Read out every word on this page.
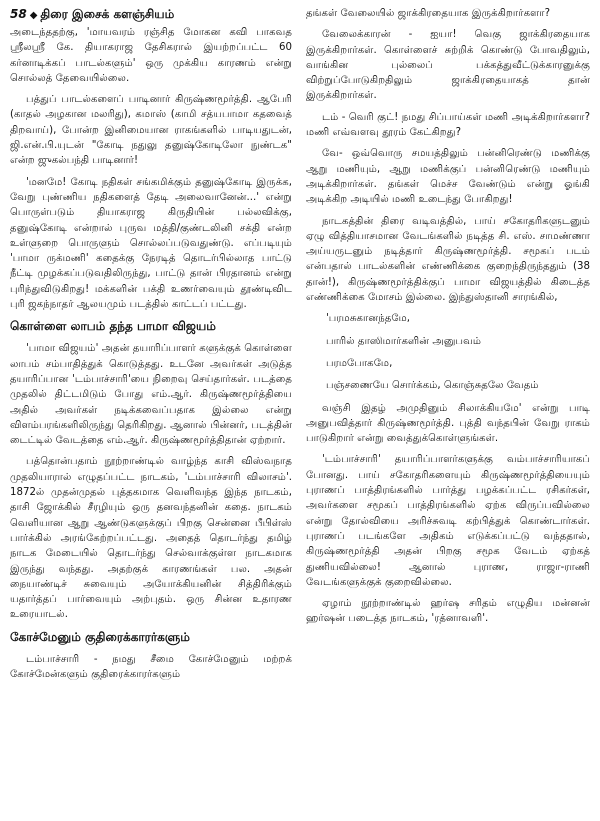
58 ◆ திரை இசைக் களஞ்சியம்

அடைந்ததற்கு, 'மாயவரம் ரஞ்சித மோகன கவி பாகவத ஸ்ரீலஸ்ரீ கே. தியாகராஜ தேசிகரால் இயற்றப்பட்ட 60 கர்னாடிக்கப் பாடல்களும்' ஒரு முக்கிய காரணம் என்று சொல்லத் தேவையில்லை.

பத்துப் பாடல்களைப் பாடினார் கிருஷ்ணமூர்த்தி. ஆபேரி (காதல் அழகான மலரிது), கமாஸ் (காமி சத்யபாமா கதவைத் திறவாய்), போன்ற இனிமையான ராகங்களில் பாடியதுடன், ஜி.என்.பி.யுடன் "கோடி நதுலு தனுஷ்கோடிலோ நுண்டக" என்ற ஜுகல்பந்தி பாடினார்!

'மனமே! கோடி நதிகள் சங்கமிக்கும் தனுஷ்கோடி இருக்க, வேறு புண்ணிய நதிகளைத் தேடி அலைவானேன்...' என்று பொருள்படும் தியாகராஜ கிருதியின் பல்லவிக்கு, தனுஷ்கோடி என்றால் புருவ மத்தி/குண்டலினி சக்தி என்ற உள்ளுறை பொருளும் சொல்லப்படுவதுண்டு. எப்படியும் 'பாமா ருக்மணி' கதைக்கு நேரடித் தொடர்பில்லாத பாட்டு நீட்டி முழக்கப்படுவதிலிருந்து, பாட்டு தான் பிரதானம் என்று புரிந்துவிடுகிறது! மக்களின் பக்தி உணர்வையும் தூண்டிவிட புரி ஜகந்நாதர் ஆலயமும் படத்தில் காட்டப் பட்டது.

கொள்ளை லாபம் தந்த பாமா விஜயம்

'பாமா விஜயம்' அதன் தயாரிப்பாளர் களுக்குக் கொள்ளை லாபம் சம்பாதித்துக் கொடுத்தது. உடனே அவர்கள் அடுத்த தயாரிப்பான 'டம்பாச்சாரி'யை நிறைவு செய்தார்கள். படத்தை முதலில் திட்டமிடும் போது எம்.ஆர். கிருஷ்ணமூர்த்தியை அதில் அவர்கள் நடிக்கவைப்பதாக இல்லை என்று விளம்பரங்களிலிருந்து தெரிகிறது. ஆனால் பின்னர், படத்தின் டைட்டில் வேடத்தை எம்.ஆர். கிருஷ்ணமூர்த்திதான் ஏற்றார்.

பத்தொன்பதாம் நூற்றாண்டில் வாழ்ந்த காசி விஸ்வநாத முதலியாரால் எழுதப்பட்ட நாடகம், 'டம்பாச்சாரி விலாசம்'. 1872ல் முதன்முதல் புத்தகமாக வெளிவந்த இந்த நாடகம், தாசி ஜோக்கில் சீரழியும் ஒரு தனவந்தனின் கதை. நாடகம் வெளியான ஆறு ஆண்டுகளுக்குப் பிறகு சென்னை பீபிள்ஸ் பார்க்கில் அரங்கேற்றப்பட்டது. அதைத் தொடர்ந்து தமிழ் நாடக மேடையில் தொடர்ந்து செல்வாக்குள்ள நாடகமாக இருந்து வந்தது. அதற்குக் காரணங்கள் பல. அதன் நையாண்டிச் சுவையும் அயோக்கியனின் சித்திரிக்கும் யதார்த்தப் பார்வையும் அற்புதம். ஒரு சின்ன உதாரண உரையாடல்.

கோச்மேனும் குதிரைக்காரர்களும்

டம்பாச்சாரி - நமது சீமை கோச்மேனும் மற்றக் கோச்மேன்களும் குதிரைக்காரர்களும்

தங்கள் வேலையில் ஜாக்கிரதையாக இருக்கிறார்களா?

வேலைக்காரன் - ஐயா! வெகு ஜாக்கிரதையாக இருக்கிறார்கள். கொள்ளைச் சுற்றிக் கொண்டு போவதிலும், வாங்கின புல்லைப் பக்கத்துவீட்டுக்காரனுக்கு விற்றுப்போடுகிறதிலும் ஜாக்கிரதையாகத் தான் இருக்கிறார்கள்.

டம் - வெரி குட்! நமது சிப்பாய்கள் மணி அடிக்கிறார்களா? மணி எவ்வளவு தூரம் கேட்கிறது?

வே- ஒவ்வொரு சமயத்திலும் பன்னிரெண்டு மணிக்கு ஆறு மணியும், ஆறு மணிக்குப் பன்னிரெண்டு மணியும் அடிக்கிறார்கள். தங்கள் மெச்ச வேண்டும் என்று ஓங்கி அடிக்கிற அடியில் மணி உடைந்து போகிறது!

நாடகத்தின் திரை வடிவத்தில், பாய் சகோதரிகளுடனும் ஏழு வித்தியாசமான வேடங்களில் நடித்த சி. எஸ். சாமண்ணா அய்யருடனும் நடித்தார் கிருஷ்ணமூர்த்தி. சமூகப் படம் என்பதால் பாடல்களின் எண்ணிக்கை குறைந்திருந்ததும் (38 தான்!), கிருஷ்ணமூர்த்திக்குப் பாமா விஜயத்தில் கிடைத்த எண்ணிக்கை மோசம் இல்லை. இந்துஸ்தானி சாரங்கில்,

'பரமசுகானந்தமே,

பாரில் தாஸிமார்களின் அனுபவம்

பரமபோகமே,

பஞ்சணையே சொர்க்கம், கொஞ்சுதலே வேதம்

வஞ்சி இதழ் அமுதினும் சிலாக்கியமே' என்று பாடி அனுபவித்தார் கிருஷ்ணமூர்த்தி. புத்தி வந்தபின் வேறு ராகம் பாடுகிறார் என்று வைத்துக்கொள்ளுங்கள்.

'டம்பாச்சாரி' தயாரிப்பாளர்களுக்கு வம்பாச்சாரியாகப் போனது. பாய் சகோதரிகளையும் கிருஷ்ணமூர்த்தியையும் புராணப் பாத்திரங்களில் பார்த்து பழக்கப்பட்ட ரசிகர்கள், அவர்களை சமூகப் பாத்திரங்களில் ஏற்க விருப்பவில்லை என்று தோல்வியை அரிச்சுவடி கற்பித்துக் கொண்டார்கள். புராணப் படங்களே அதிகம் எடுக்கப்பட்டு வந்ததால், கிருஷ்ணமூர்த்தி அதன் பிறகு சமூக வேடம் ஏற்கத் துணியவில்லை! ஆனால் புராண, ராஜா-ராணி வேடங்களுக்குக் குறைவில்லை.

ஏழாம் நூற்றாண்டில் ஹர்ஷ சரிதம் எழுதிய மன்னன் ஹர்ஷன் படைத்த நாடகம், 'ரத்னாவளி'.
